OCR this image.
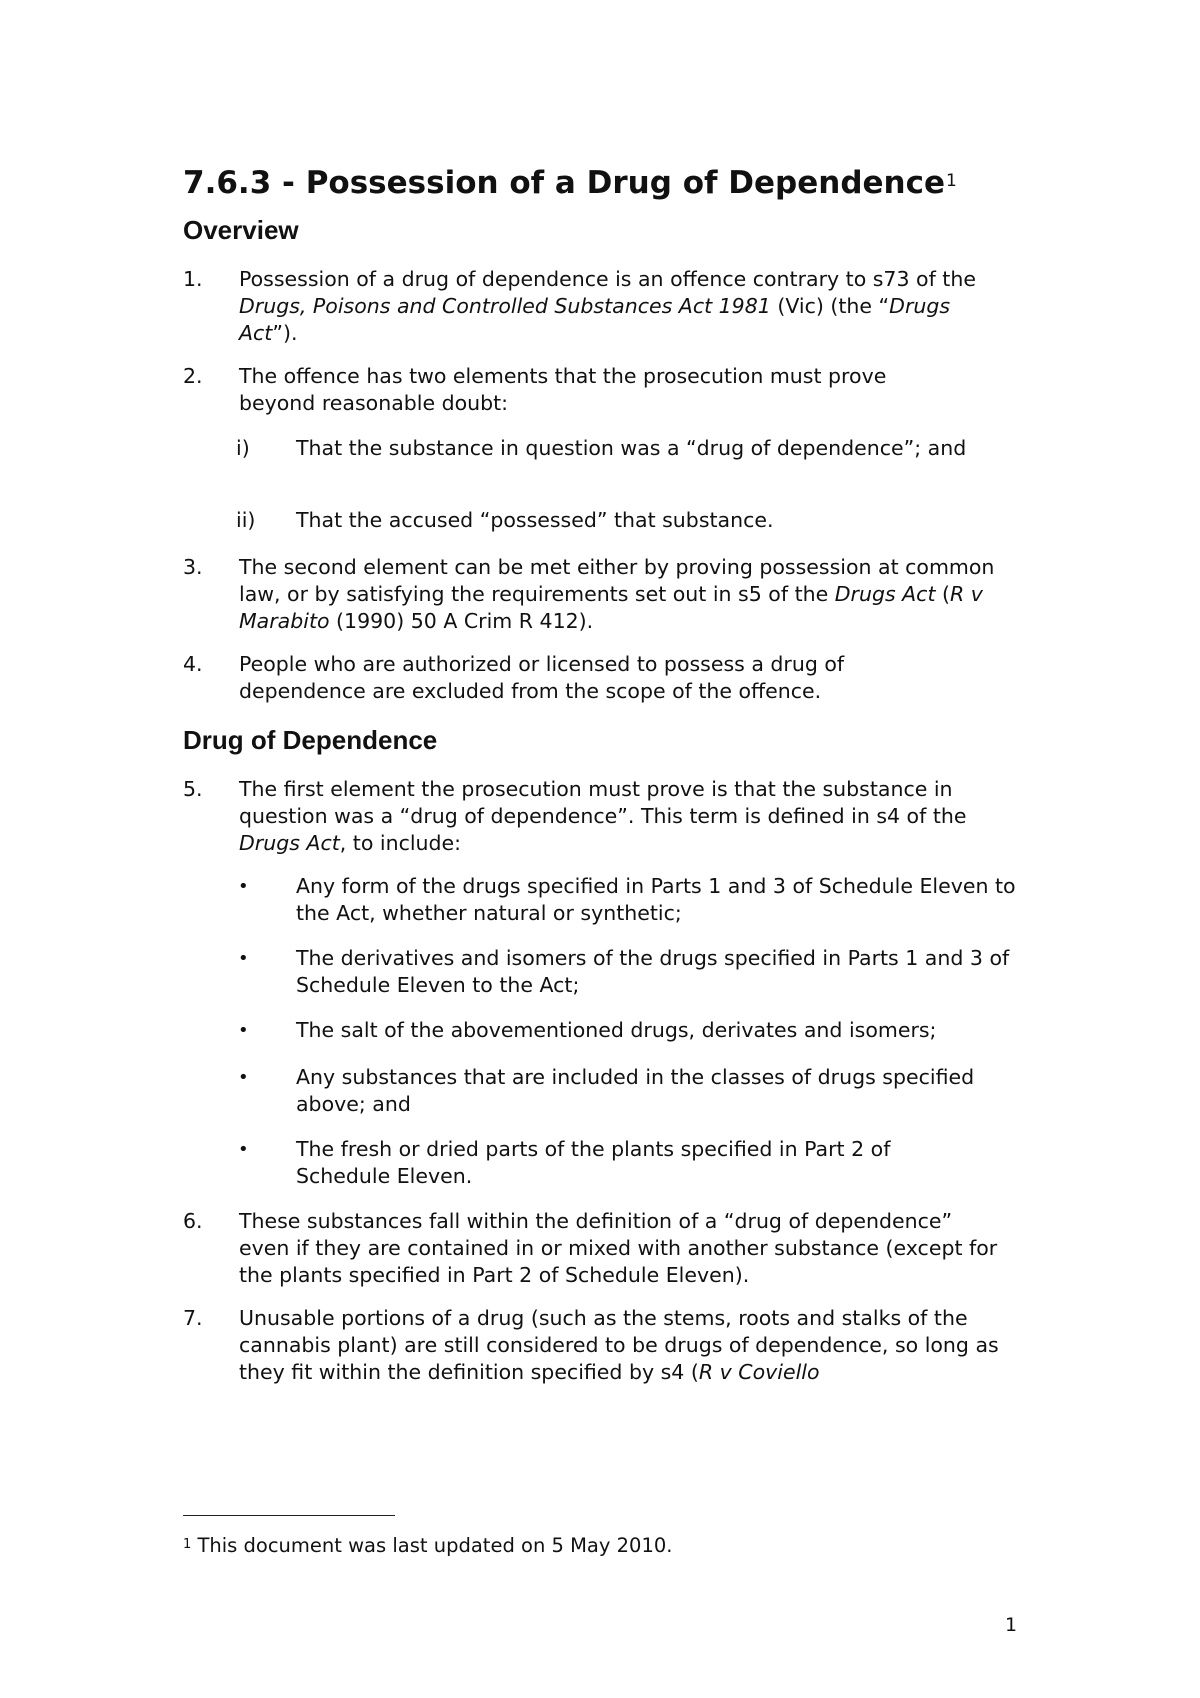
7.6.3 - Possession of a Drug of Dependence$^1$
Overview
1.	Possession of a drug of dependence is an offence contrary to s73 of the Drugs, Poisons and Controlled Substances Act 1981 (Vic) (the “Drugs Act”).
2.	The offence has two elements that the prosecution must prove beyond reasonable doubt:
i) That the substance in question was a “drug of dependence”; and
ii) That the accused “possessed” that substance.
3.	The second element can be met either by proving possession at common law, or by satisfying the requirements set out in s5 of the Drugs Act (R v Marabito (1990) 50 A Crim R 412).
4.	People who are authorized or licensed to possess a drug of dependence are excluded from the scope of the offence.
Drug of Dependence
5.	The first element the prosecution must prove is that the substance in question was a “drug of dependence”. This term is defined in s4 of the Drugs Act, to include:
• Any form of the drugs specified in Parts 1 and 3 of Schedule Eleven to the Act, whether natural or synthetic;
• The derivatives and isomers of the drugs specified in Parts 1 and 3 of Schedule Eleven to the Act;
• The salt of the abovementioned drugs, derivates and isomers;
• Any substances that are included in the classes of drugs specified above; and
• The fresh or dried parts of the plants specified in Part 2 of Schedule Eleven.
6.	These substances fall within the definition of a “drug of dependence” even if they are contained in or mixed with another substance (except for the plants specified in Part 2 of Schedule Eleven).
7.	Unusable portions of a drug (such as the stems, roots and stalks of the cannabis plant) are still considered to be drugs of dependence, so long as they fit within the definition specified by s4 (R v Coviello
$^1$ This document was last updated on 5 May 2010.
1
